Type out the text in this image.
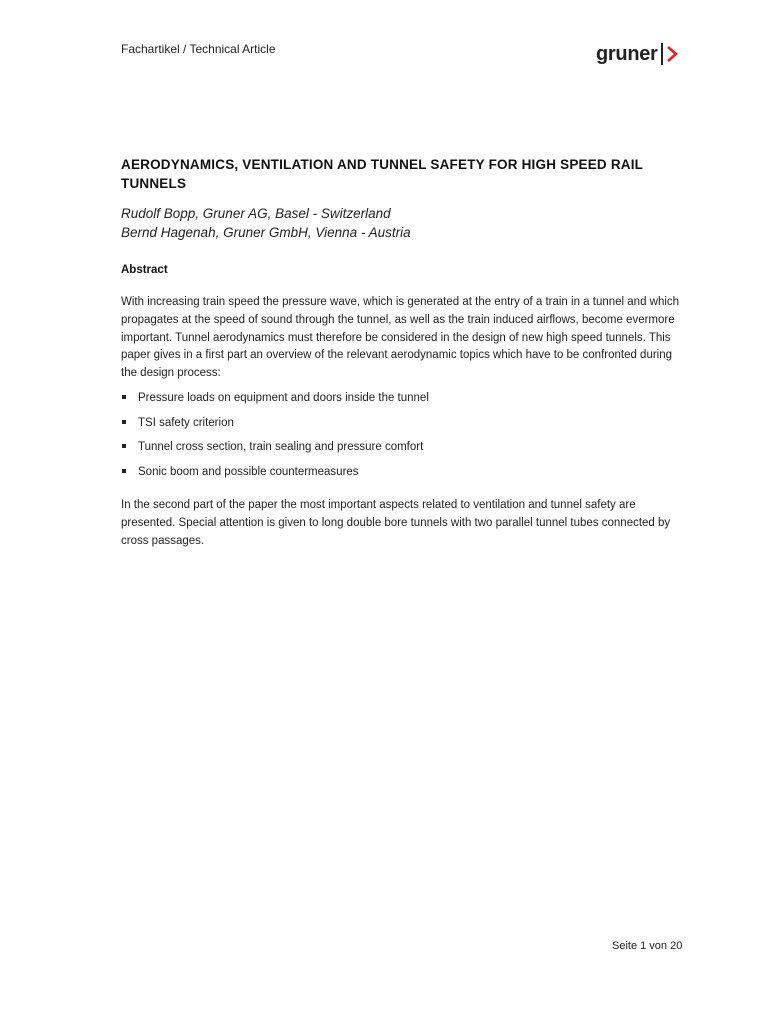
Fachartikel / Technical Article	gruner
AERODYNAMICS, VENTILATION AND TUNNEL SAFETY FOR HIGH SPEED RAIL TUNNELS
Rudolf Bopp, Gruner AG, Basel - Switzerland
Bernd Hagenah, Gruner GmbH, Vienna - Austria
Abstract
With increasing train speed the pressure wave, which is generated at the entry of a train in a tunnel and which propagates at the speed of sound through the tunnel, as well as the train induced airflows, become evermore important. Tunnel aerodynamics must therefore be considered in the design of new high speed tunnels. This paper gives in a first part an overview of the relevant aerodynamic topics which have to be confronted during the design process:
Pressure loads on equipment and doors inside the tunnel
TSI safety criterion
Tunnel cross section, train sealing and pressure comfort
Sonic boom and possible countermeasures
In the second part of the paper the most important aspects related to ventilation and tunnel safety are presented. Special attention is given to long double bore tunnels with two parallel tunnel tubes connected by cross passages.
Seite 1 von 20
